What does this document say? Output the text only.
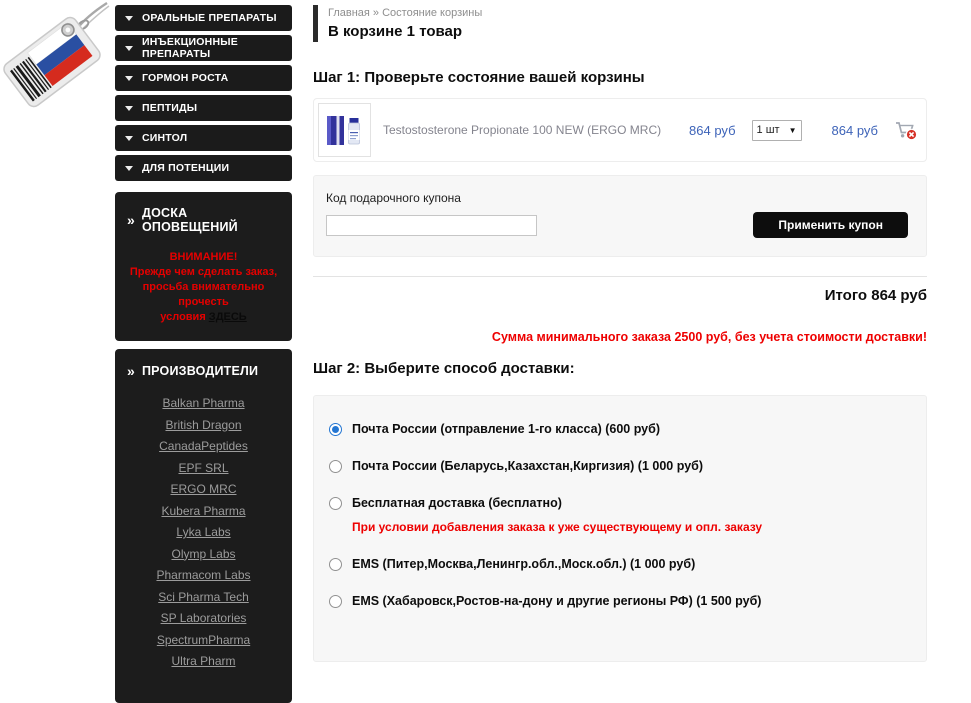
ОРАЛЬНЫЕ ПРЕПАРАТЫ
ИНЪЕКЦИОННЫЕ ПРЕПАРАТЫ
ГОРМОН РОСТА
ПЕПТИДЫ
СИНТОЛ
ДЛЯ ПОТЕНЦИИ
» ДОСКА ОПОВЕЩЕНИЙ
ВНИМАНИЕ!
Прежде чем сделать заказ,
просьба внимательно прочесть
условия ЗДЕСЬ
» ПРОИЗВОДИТЕЛИ
Balkan Pharma
British Dragon
CanadaPeptides
EPF SRL
ERGO MRC
Kubera Pharma
Lyka Labs
Olymp Labs
Pharmacom Labs
Sci Pharma Tech
SP Laboratories
SpectrumPharma
Ultra Pharm
Главная » Состояние корзины
В корзине 1 товар
Шаг 1: Проверьте состояние вашей корзины
Testostosterone Propionate 100 NEW (ERGO MRC)	864 руб 1 шт ▼	864 руб
Код подарочного купона
Применить купон
Итого 864 руб
Сумма минимального заказа 2500 руб, без учета стоимости доставки!
Шаг 2: Выберите способ доставки:
Почта России (отправление 1-го класса) (600 руб)
Почта России (Беларусь,Казахстан,Киргизия) (1 000 руб)
Бесплатная доставка (бесплатно)
При условии добавления заказа к уже существующему и опл. заказу
EMS (Питер,Москва,Ленингр.обл.,Моск.обл.) (1 000 руб)
EMS (Хабаровск,Ростов-на-дону и другие регионы РФ) (1 500 руб)
